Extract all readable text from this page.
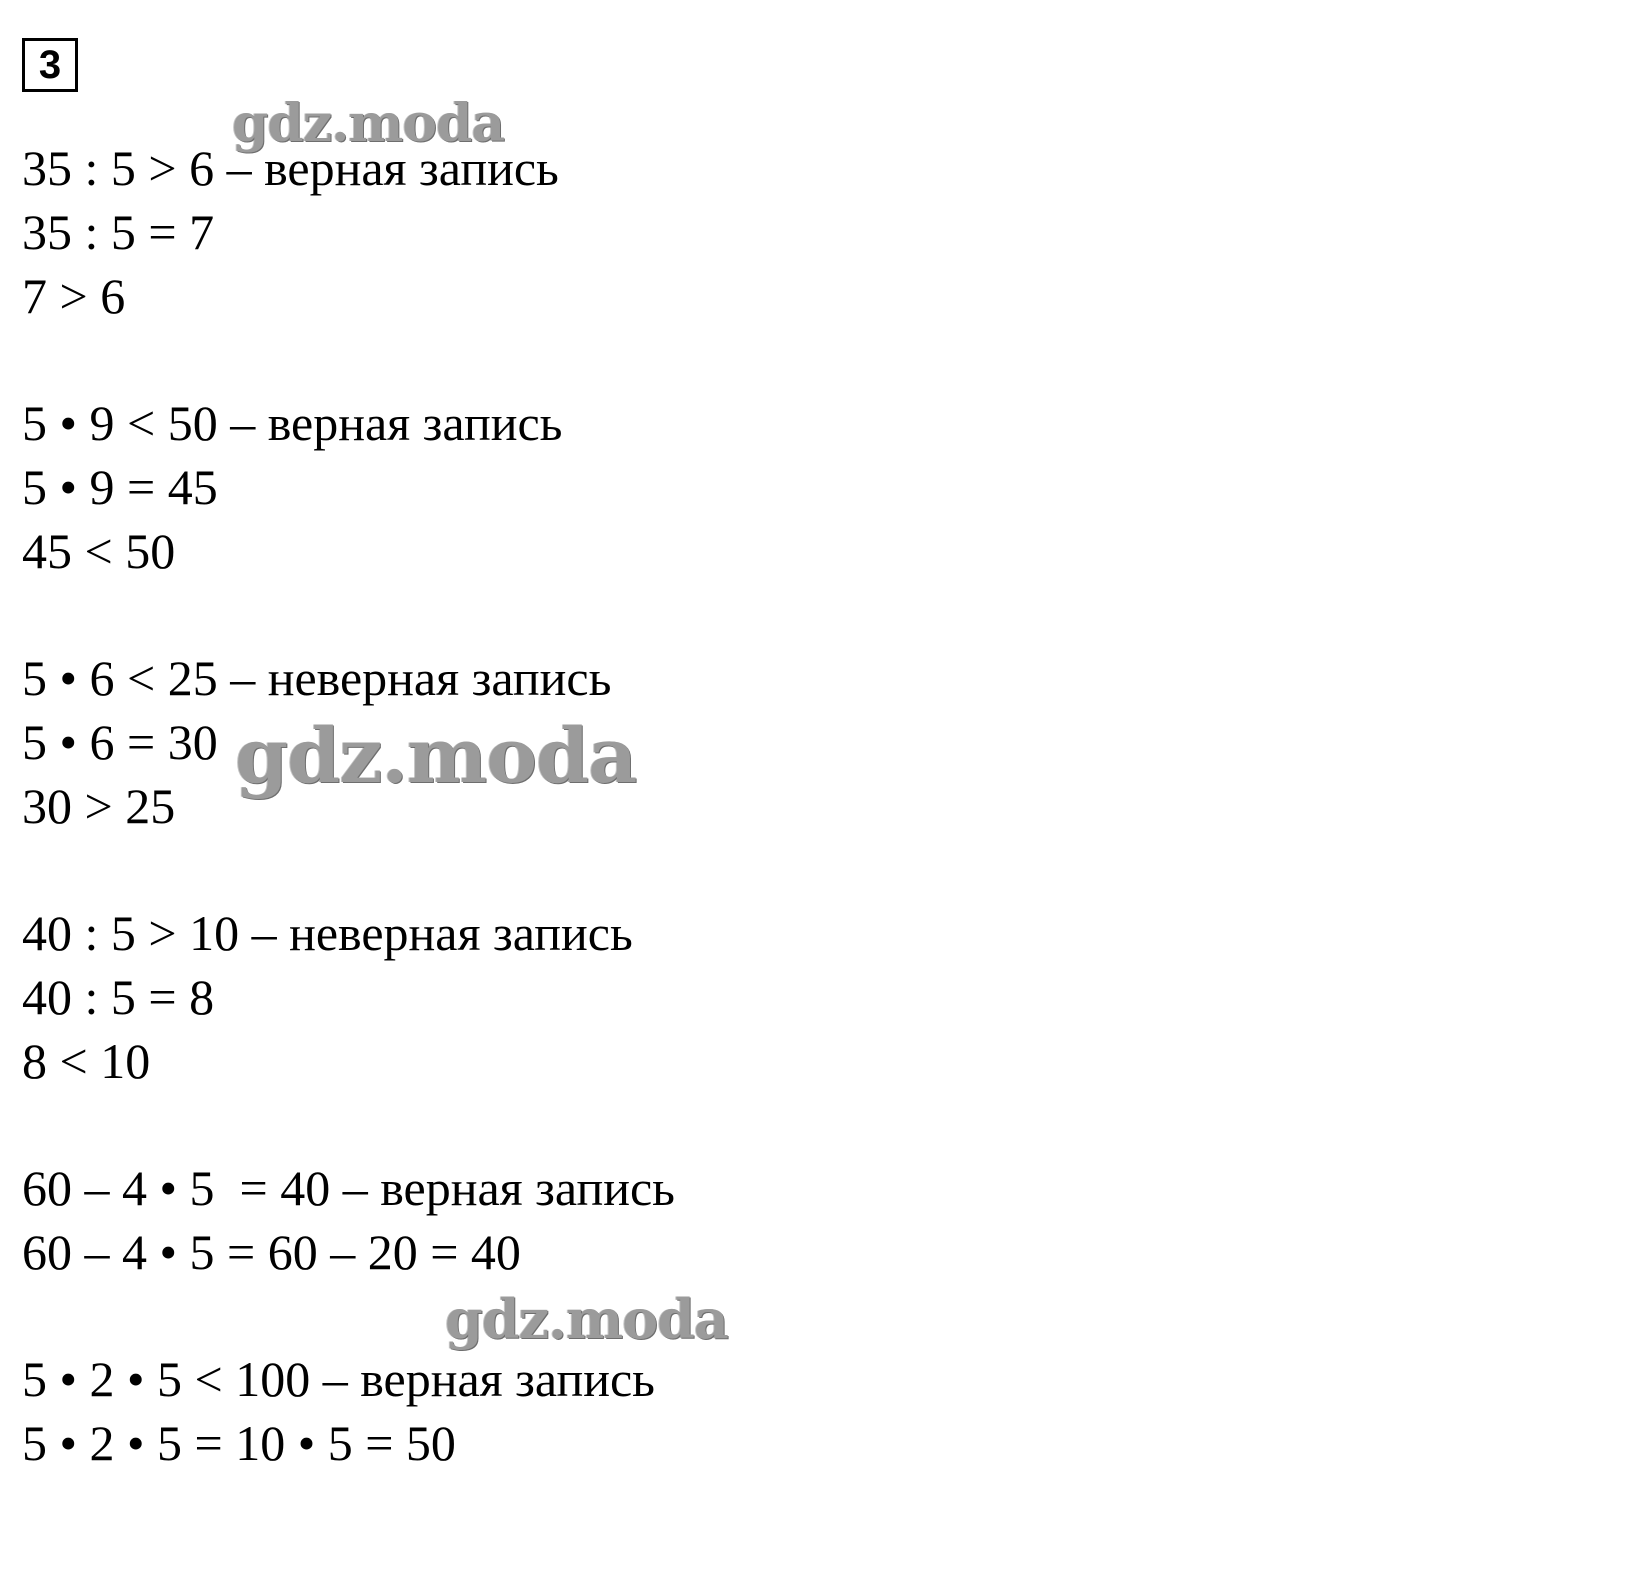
3
35 : 5 > 6 – верная запись
35 : 5 = 7
7 > 6
5 • 9 < 50 – верная запись
5 • 9 = 45
45 < 50
5 • 6 < 25 – неверная запись
5 • 6 = 30
30 > 25
40 : 5 > 10 – неверная запись
40 : 5 = 8
8 < 10
60 – 4 • 5  = 40 – верная запись
60 – 4 • 5 = 60 – 20 = 40
5 • 2 • 5 < 100 – верная запись
5 • 2 • 5 = 10 • 5 = 50
gdz.moda
gdz.moda
gdz.moda
